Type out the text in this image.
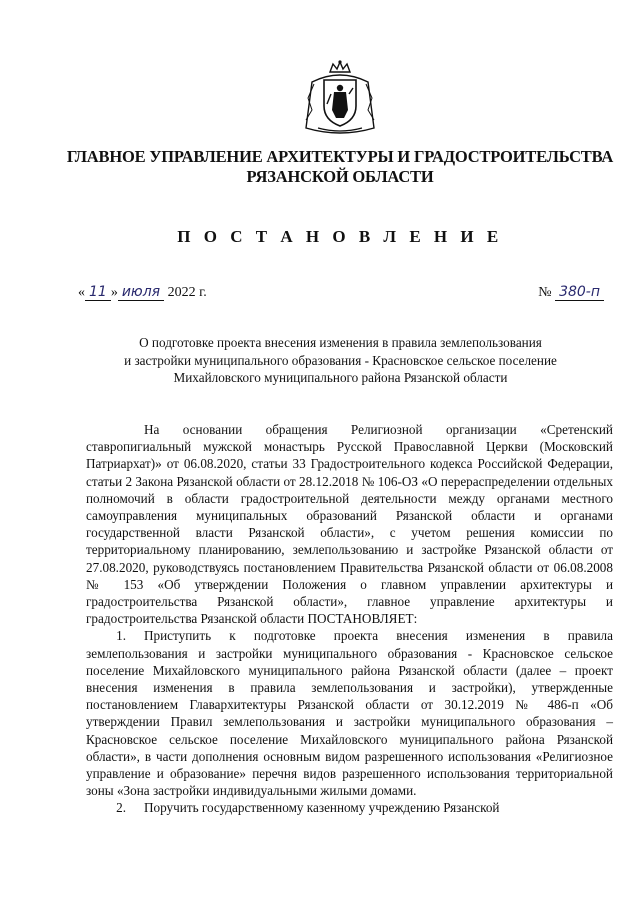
ГЛАВНОЕ УПРАВЛЕНИЕ АРХИТЕКТУРЫ И ГРАДОСТРОИТЕЛЬСТВА
РЯЗАНСКОЙ ОБЛАСТИ
П О С Т А Н О В Л Е Н И Е
« 11 » июля 2022 г.	№ 380-п
О подготовке проекта внесения изменения в правила землепользования
и застройки муниципального образования - Красновское сельское поселение
Михайловского муниципального района Рязанской области

На основании обращения Религиозной организации «Сретенский ставропигиальный мужской монастырь Русской Православной Церкви (Московский Патриархат)» от 06.08.2020, статьи 33 Градостроительного кодекса Российской Федерации, статьи 2 Закона Рязанской области от 28.12.2018 № 106-ОЗ «О перераспределении отдельных полномочий в области градостроительной деятельности между органами местного самоуправления муниципальных образований Рязанской области и органами государственной власти Рязанской области», с учетом решения комиссии по территориальному планированию, землепользованию и застройке Рязанской области от 27.08.2020, руководствуясь постановлением Правительства Рязанской области от 06.08.2008 № 153 «Об утверждении Положения о главном управлении архитектуры и градостроительства Рязанской области», главное управление архитектуры и градостроительства Рязанской области ПОСТАНОВЛЯЕТ:

1. Приступить к подготовке проекта внесения изменения в правила землепользования и застройки муниципального образования - Красновское сельское поселение Михайловского муниципального района Рязанской области (далее – проект внесения изменения в правила землепользования и застройки), утвержденные постановлением Главархитектуры Рязанской области от 30.12.2019 № 486-п «Об утверждении Правил землепользования и застройки муниципального образования – Красновское сельское поселение Михайловского муниципального района Рязанской области», в части дополнения основным видом разрешенного использования «Религиозное управление и образование» перечня видов разрешенного использования территориальной зоны «Зона застройки индивидуальными жилыми домами.

2. Поручить государственному казенному учреждению Рязанской
